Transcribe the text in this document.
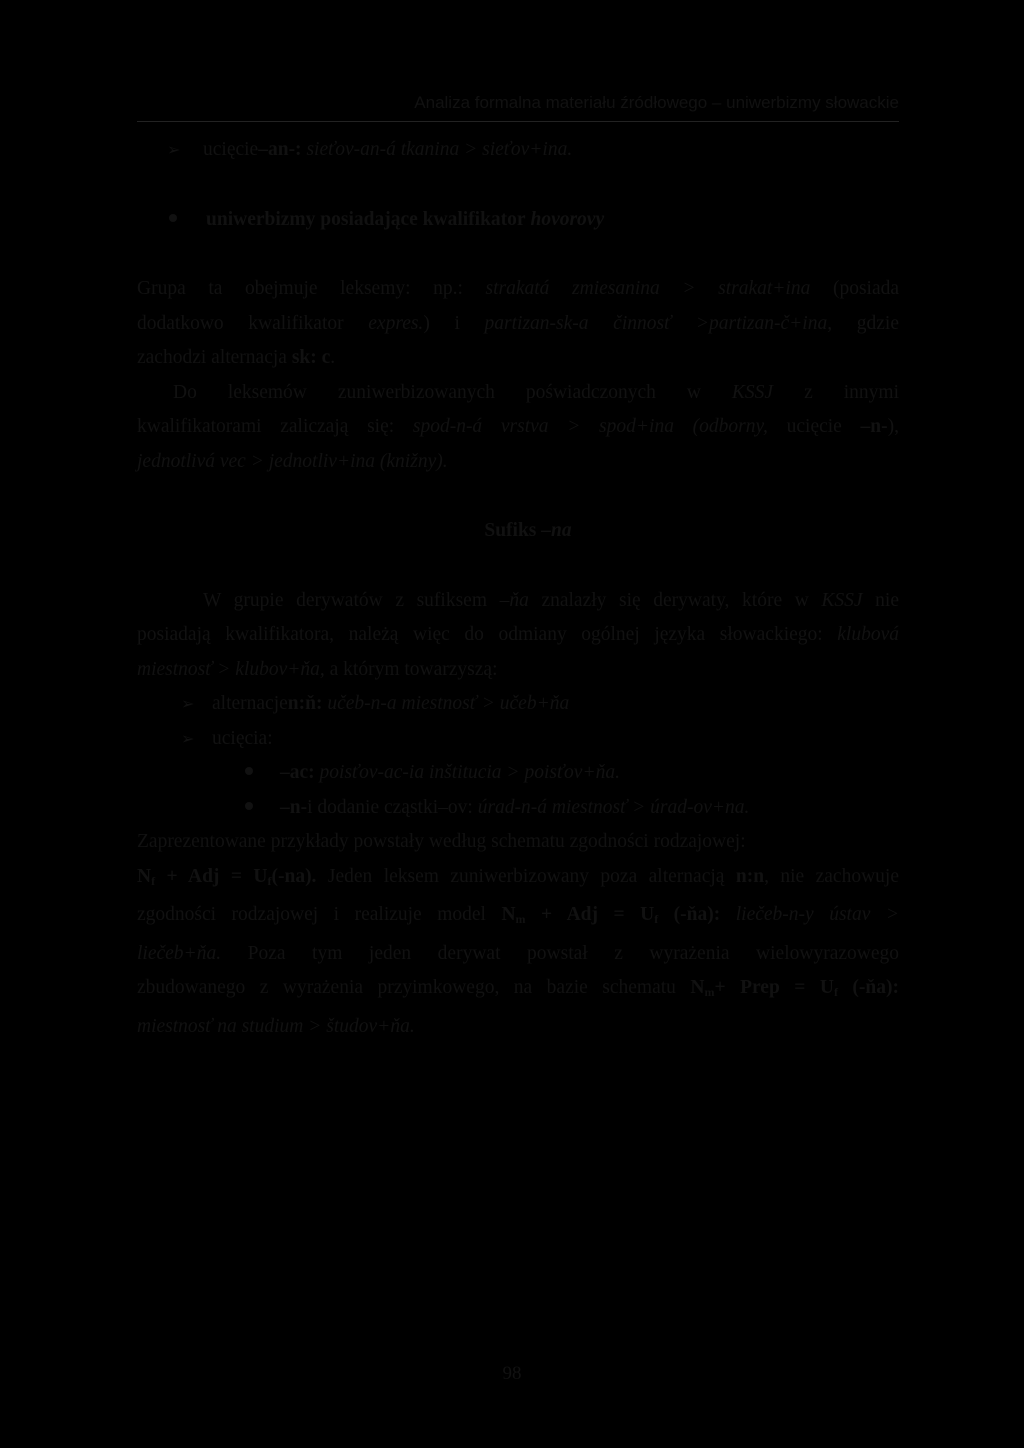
Analiza formalna materiału źródłowego – uniwerbizmy słowackie

➢ ucięcie –an-:
sieťov-an-á tkanina > sieťov+ina.

uniwerbizmy posiadające kwalifikator
hovorovy

Grupa ta obejmuje leksemy: np.: strakatá zmiesanina > strakat+ina (posiada

dodatkowo kwalifikator expres.) i partizan-sk-a činnosť >partizan-č+ina, gdzie

zachodzi alternacja sk: c.

Do leksemów zuniwerbizowanych poświadczonych w KSSJ z innymi

kwalifikatorami zaliczają się: spod-n-á vrstva > spod+ina (odborny, ucięcie –n-),

jednotlivá vec > jednotliv+ina (knižny).

Sufiks –na

W grupie derywatów z sufiksem –ňa znalazły się derywaty, które w KSSJ nie

posiadają kwalifikatora, należą więc do odmiany ogólnej języka słowackiego: klubová

miestnosť > klubov+ňa, a którym towarzyszą:

➢ alternacje n:ň:
učeb-n-a miestnosť > učeb+ňa

➢ ucięcia:

–ac:
poisťov-ac-ia inštitucia > poisťov+ňa.

–n- i dodanie cząstki –ov:
úrad-n-á miestnosť > úrad-ov+na.

Zaprezentowane przykłady powstały według schematu zgodności rodzajowej:

$N_f$ + Adj = $U_f(-na)$. Jeden leksem zuniwerbizowany poza alternacją n:n, nie zachowuje

zgodności rodzajowej i realizuje model $N_m$ + Adj = $U_f$ (-ňa): liečeb-n-y ústav >

liečeb+ňa. Poza tym jeden derywat powstał z wyrażenia wielowyrazowego

zbudowanego z wyrażenia przyimkowego, na bazie schematu $N_m+$ Prep = $U_f$ (-ňa):

miestnosť na studium > študov+ňa.

98
